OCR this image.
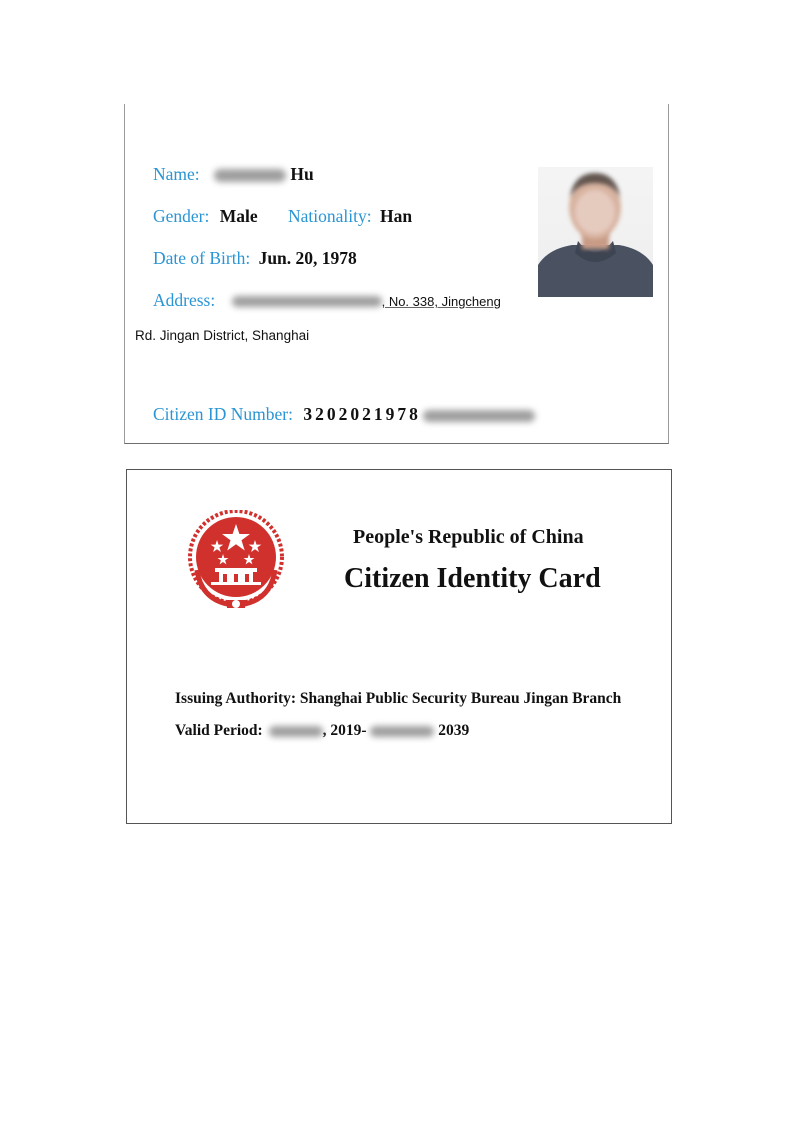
Name:	Hu
Gender: Male Nationality: Han
Date of Birth: Jun. 20, 1978
Address:	, No. 338, Jingcheng
Rd. Jingan District, Shanghai
Citizen ID Number: 3202021978
People's Republic of China
Citizen Identity Card
Issuing Authority: Shanghai Public Security Bureau Jingan Branch
Valid Period:	, 2019-	2039
